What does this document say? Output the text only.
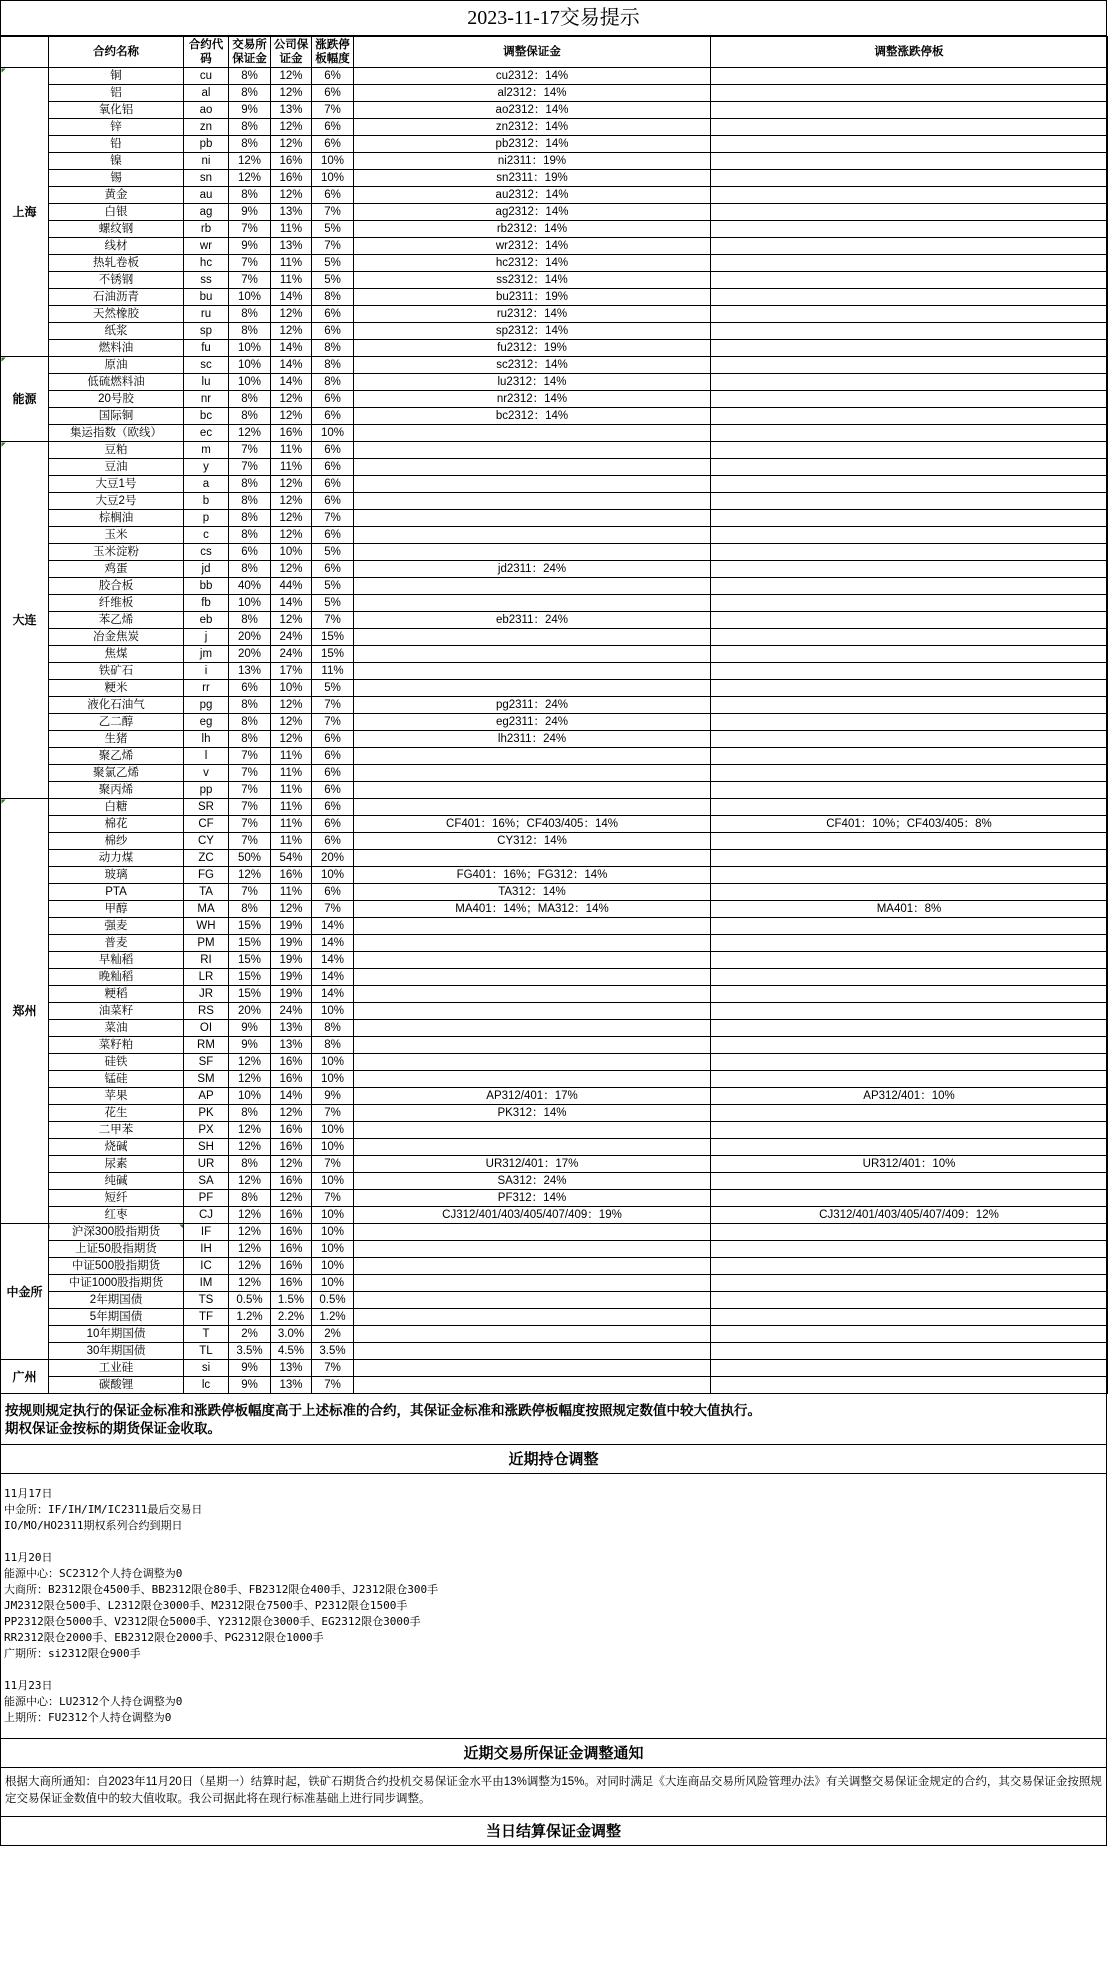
2023-11-17交易提示
	合约名称	合约代码	交易所保证金	公司保证金	涨跌停板幅度	调整保证金	调整涨跌停板
上海	铜	cu	8%	12%	6%	cu2312：14%	
	铝	al	8%	12%	6%	al2312：14%	
	氧化铝	ao	9%	13%	7%	ao2312：14%	
	锌	zn	8%	12%	6%	zn2312：14%	
	铅	pb	8%	12%	6%	pb2312：14%	
	镍	ni	12%	16%	10%	ni2311：19%	
	锡	sn	12%	16%	10%	sn2311：19%	
	黄金	au	8%	12%	6%	au2312：14%	
	白银	ag	9%	13%	7%	ag2312：14%	
	螺纹钢	rb	7%	11%	5%	rb2312：14%	
	线材	wr	9%	13%	7%	wr2312：14%	
	热轧卷板	hc	7%	11%	5%	hc2312：14%	
	不锈钢	ss	7%	11%	5%	ss2312：14%	
	石油沥青	bu	10%	14%	8%	bu2311：19%	
	天然橡胶	ru	8%	12%	6%	ru2312：14%	
	纸浆	sp	8%	12%	6%	sp2312：14%	
	燃料油	fu	10%	14%	8%	fu2312：19%	
能源	原油	sc	10%	14%	8%	sc2312：14%	
	低硫燃料油	lu	10%	14%	8%	lu2312：14%	
	20号胶	nr	8%	12%	6%	nr2312：14%	
	国际铜	bc	8%	12%	6%	bc2312：14%	
	集运指数（欧线）	ec	12%	16%	10%		
大连	豆粕	m	7%	11%	6%		
	豆油	y	7%	11%	6%		
	大豆1号	a	8%	12%	6%		
	大豆2号	b	8%	12%	6%		
	棕榈油	p	8%	12%	7%		
	玉米	c	8%	12%	6%		
	玉米淀粉	cs	6%	10%	5%		
	鸡蛋	jd	8%	12%	6%	jd2311：24%	
	胶合板	bb	40%	44%	5%		
	纤维板	fb	10%	14%	5%		
	苯乙烯	eb	8%	12%	7%	eb2311：24%	
	冶金焦炭	j	20%	24%	15%		
	焦煤	jm	20%	24%	15%		
	铁矿石	i	13%	17%	11%		
	粳米	rr	6%	10%	5%		
	液化石油气	pg	8%	12%	7%	pg2311：24%	
	乙二醇	eg	8%	12%	7%	eg2311：24%	
	生猪	lh	8%	12%	6%	lh2311：24%	
	聚乙烯	l	7%	11%	6%		
	聚氯乙烯	v	7%	11%	6%		
	聚丙烯	pp	7%	11%	6%		
郑州	白糖	SR	7%	11%	6%		
	棉花	CF	7%	11%	6%	CF401：16%；CF403/405：14%	CF401：10%；CF403/405：8%
	棉纱	CY	7%	11%	6%	CY312：14%	
	动力煤	ZC	50%	54%	20%		
	玻璃	FG	12%	16%	10%	FG401：16%；FG312：14%	
	PTA	TA	7%	11%	6%	TA312：14%	
	甲醇	MA	8%	12%	7%	MA401：14%；MA312：14%	MA401：8%
	强麦	WH	15%	19%	14%		
	普麦	PM	15%	19%	14%		
	早籼稻	RI	15%	19%	14%		
	晚籼稻	LR	15%	19%	14%		
	粳稻	JR	15%	19%	14%		
	油菜籽	RS	20%	24%	10%		
	菜油	OI	9%	13%	8%		
	菜籽粕	RM	9%	13%	8%		
	硅铁	SF	12%	16%	10%		
	锰硅	SM	12%	16%	10%		
	苹果	AP	10%	14%	9%	AP312/401：17%	AP312/401：10%
	花生	PK	8%	12%	7%	PK312：14%	
	二甲苯	PX	12%	16%	10%		
	烧碱	SH	12%	16%	10%		
	尿素	UR	8%	12%	7%	UR312/401：17%	UR312/401：10%
	纯碱	SA	12%	16%	10%	SA312：24%	
	短纤	PF	8%	12%	7%	PF312：14%	
	红枣	CJ	12%	16%	10%	CJ312/401/403/405/407/409：19%	CJ312/401/403/405/407/409：12%
中金所	沪深300股指期货	IF	12%	16%	10%		
	上证50股指期货	IH	12%	16%	10%		
	中证500股指期货	IC	12%	16%	10%		
	中证1000股指期货	IM	12%	16%	10%		
	2年期国债	TS	0.5%	1.5%	0.5%		
	5年期国债	TF	1.2%	2.2%	1.2%		
	10年期国债	T	2%	3.0%	2%		
	30年期国债	TL	3.5%	4.5%	3.5%		
广州	工业硅	si	9%	13%	7%		
	碳酸锂	lc	9%	13%	7%		
按规则规定执行的保证金标准和涨跌停板幅度高于上述标准的合约，其保证金标准和涨跌停板幅度按照规定数值中较大值执行。
期权保证金按标的期货保证金收取。
近期持仓调整
11月17日
中金所：IF/IH/IM/IC2311最后交易日
IO/MO/HO2311期权系列合约到期日
11月20日
能源中心：SC2312个人持仓调整为0
大商所：B2312限仓4500手、BB2312限仓80手、FB2312限仓400手、J2312限仓300手
JM2312限仓500手、L2312限仓3000手、M2312限仓7500手、P2312限仓1500手
PP2312限仓5000手、V2312限仓5000手、Y2312限仓3000手、EG2312限仓3000手
RR2312限仓2000手、EB2312限仓2000手、PG2312限仓1000手
广期所：si2312限仓900手
11月23日
能源中心：LU2312个人持仓调整为0
上期所：FU2312个人持仓调整为0
近期交易所保证金调整通知
根据大商所通知：自2023年11月20日（星期一）结算时起，铁矿石期货合约投机交易保证金水平由13%调整为15%。对同时满足《大连商品交易所风险管理办法》有关调整交易保证金规定的合约，其交易保证金按照规定交易保证金数值中的较大值收取。我公司据此将在现行标准基础上进行同步调整。
当日结算保证金调整
